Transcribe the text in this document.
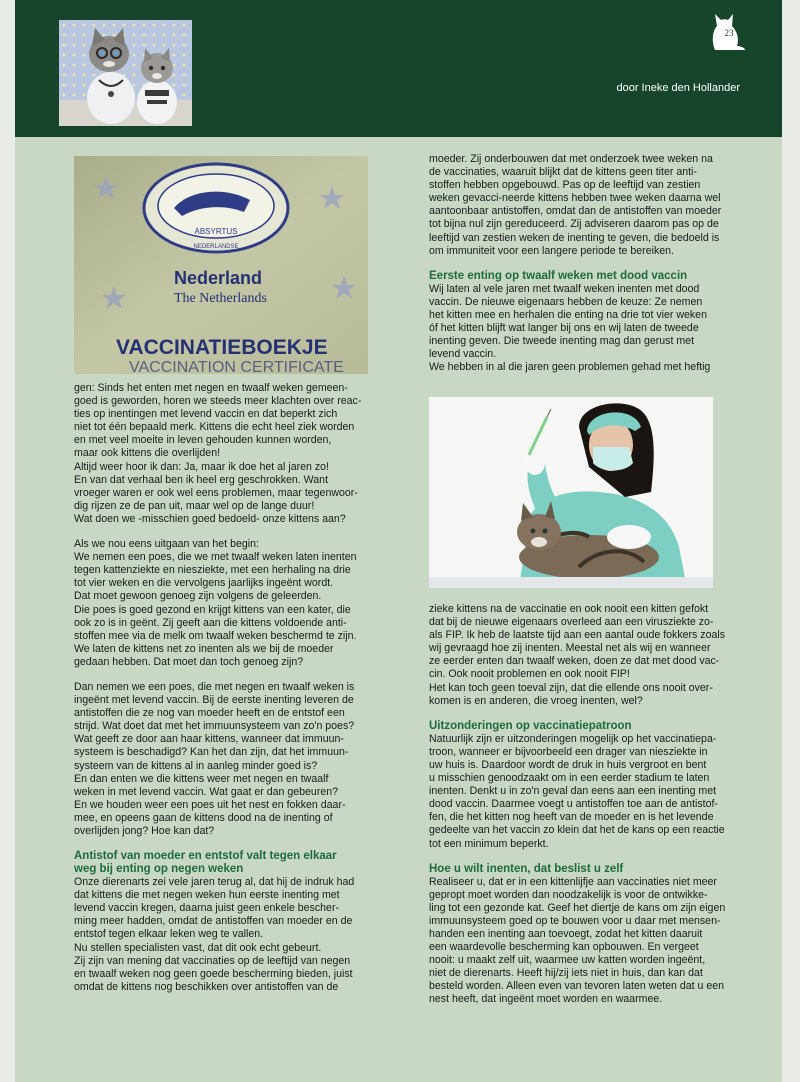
23
door Ineke den Hollander
ABSYRTUS
NEDERLANDSE
Nederland
The Netherlands
VACCINATIEBOEKJE
VACCINATION CERTIFICATE

gen: Sinds het enten met negen en twaalf weken gemeen-
goed is geworden, horen we steeds meer klachten over reac-
ties op inentingen met levend vaccin en dat beperkt zich
niet tot één bepaald merk. Kittens die echt heel ziek worden
en met veel moeite in leven gehouden kunnen worden,
maar ook kittens die overlijden!
Altijd weer hoor ik dan: Ja, maar ik doe het al jaren zo!
En van dat verhaal ben ik heel erg geschrokken. Want
vroeger waren er ook wel eens problemen, maar tegenwoor-
dig rijzen ze de pan uit, maar wel op de lange duur!
Wat doen we -misschien goed bedoeld- onze kittens aan?

Als we nou eens uitgaan van het begin:
We nemen een poes, die we met twaalf weken laten inenten
tegen kattenziekte en niesziekte, met een herhaling na drie
tot vier weken en die vervolgens jaarlijks ingeënt wordt.
Dat moet gewoon genoeg zijn volgens de geleerden.
Die poes is goed gezond en krijgt kittens van een kater, die
ook zo is in geënt. Zij geeft aan die kittens voldoende anti-
stoffen mee via de melk om twaalf weken beschermd te zijn.
We laten de kittens net zo inenten als we bij de moeder
gedaan hebben. Dat moet dan toch genoeg zijn?

Dan nemen we een poes, die met negen en twaalf weken is
ingeënt met levend vaccin. Bij de eerste inenting leveren de
antistoffen die ze nog van moeder heeft en de entstof een
strijd. Wat doet dat met het immuunsysteem van zo'n poes?
Wat geeft ze door aan haar kittens, wanneer dat immuun-
systeem is beschadigd? Kan het dan zijn, dat het immuun-
systeem van de kittens al in aanleg minder goed is?
En dan enten we die kittens weer met negen en twaalf
weken in met levend vaccin. Wat gaat er dan gebeuren?
En we houden weer een poes uit het nest en fokken daar-
mee, en opeens gaan de kittens dood na de inenting of
overlijden jong? Hoe kan dat?

Antistof van moeder en entstof valt tegen elkaar
weg bij enting op negen weken

Onze dierenarts zei vele jaren terug al, dat hij de indruk had
dat kittens die met negen weken hun eerste inenting met
levend vaccin kregen, daarna juist geen enkele bescher-
ming meer hadden, omdat de antistoffen van moeder en de
entstof tegen elkaar leken weg te vallen.
Nu stellen specialisten vast, dat dit ook echt gebeurt.
Zij zijn van mening dat vaccinaties op de leeftijd van negen
en twaalf weken nog geen goede bescherming bieden, juist
omdat de kittens nog beschikken over antistoffen van de

moeder. Zij onderbouwen dat met onderzoek twee weken na
de vaccinaties, waaruit blijkt dat de kittens geen titer anti-
stoffen hebben opgebouwd. Pas op de leeftijd van zestien
weken gevacci-neerde kittens hebben twee weken daarna wel
aantoonbaar antistoffen, omdat dan de antistoffen van moeder
tot bijna nul zijn gereduceerd. Zij adviseren daarom pas op de
leeftijd van zestien weken de inenting te geven, die bedoeld is
om immuniteit voor een langere periode te bereiken.

Eerste enting op twaalf weken met dood vaccin

Wij laten al vele jaren met twaalf weken inenten met dood
vaccin. De nieuwe eigenaars hebben de keuze: Ze nemen
het kitten mee en herhalen die enting na drie tot vier weken
óf het kitten blijft wat langer bij ons en wij laten de tweede
inenting geven. Die tweede inenting mag dan gerust met
levend vaccin.
We hebben in al die jaren geen problemen gehad met heftig

zieke kittens na de vaccinatie en ook nooit een kitten gefokt
dat bij de nieuwe eigenaars overleed aan een virusziekte zo-
als FIP. Ik heb de laatste tijd aan een aantal oude fokkers zoals
wij gevraagd hoe zij inenten. Meestal net als wij en wanneer
ze eerder enten dan twaalf weken, doen ze dat met dood vac-
cin. Ook nooit problemen en ook nooit FIP!
Het kan toch geen toeval zijn, dat die ellende ons nooit over-
komen is en anderen, die vroeg inenten, wel?

Uitzonderingen op vaccinatiepatroon

Natuurlijk zijn er uitzonderingen mogelijk op het vaccinatiepa-
troon, wanneer er bijvoorbeeld een drager van niesziekte in
uw huis is. Daardoor wordt de druk in huis vergroot en bent
u misschien genoodzaakt om in een eerder stadium te laten
inenten. Denkt u in zo'n geval dan eens aan een inenting met
dood vaccin. Daarmee voegt u antistoffen toe aan de antistof-
fen, die het kitten nog heeft van de moeder en is het levende
gedeelte van het vaccin zo klein dat het de kans op een reactie
tot een minimum beperkt.

Hoe u wilt inenten, dat beslist u zelf

Realiseer u, dat er in een kittenlijfje aan vaccinaties niet meer
gepropt moet worden dan noodzakelijk is voor de ontwikke-
ling tot een gezonde kat. Geef het diertje de kans om zijn eigen
immuunsysteem goed op te bouwen voor u daar met mensen-
handen een inenting aan toevoegt, zodat het kitten daaruit
een waardevolle bescherming kan opbouwen. En vergeet
nooit: u maakt zelf uit, waarmee uw katten worden ingeënt,
niet de dierenarts. Heeft hij/zij iets niet in huis, dan kan dat
besteld worden. Alleen even van tevoren laten weten dat u een
nest heeft, dat ingeënt moet worden en waarmee.
